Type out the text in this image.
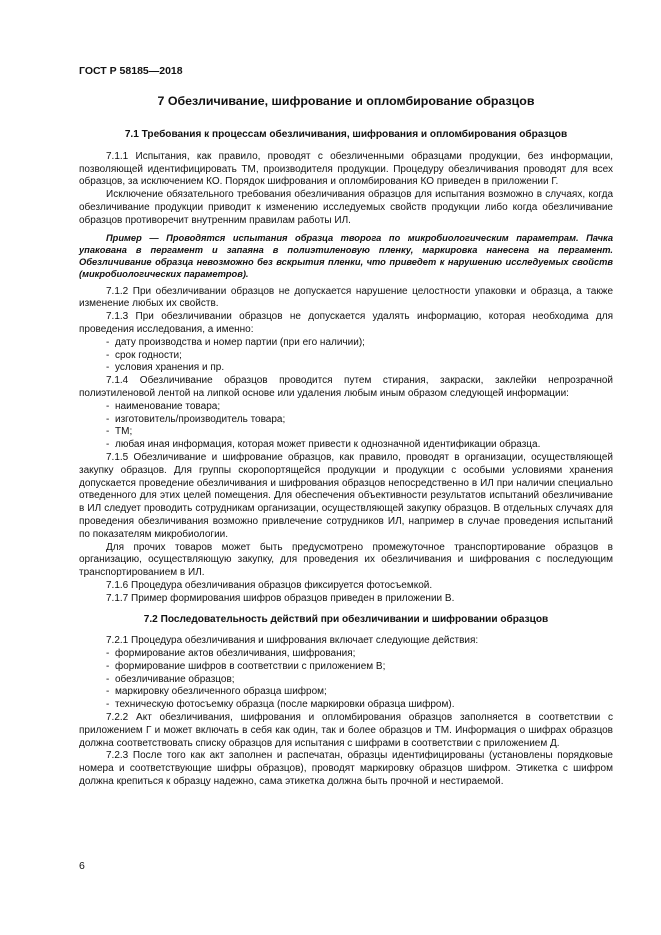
ГОСТ Р 58185—2018
7 Обезличивание, шифрование и опломбирование образцов
7.1 Требования к процессам обезличивания, шифрования и опломбирования образцов

7.1.1 Испытания, как правило, проводят с обезличенными образцами продукции, без информации, позволяющей идентифицировать ТМ, производителя продукции. Процедуру обезличивания проводят для всех образцов, за исключением КО. Порядок шифрования и опломбирования КО приведен в приложении Г.

Исключение обязательного требования обезличивания образцов для испытания возможно в случаях, когда обезличивание продукции приводит к изменению исследуемых свойств продукции либо когда обезличивание образцов противоречит внутренним правилам работы ИЛ.

Пример — Проводятся испытания образца творога по микробиологическим параметрам. Пачка упакована в пергамент и запаяна в полиэтиленовую пленку, маркировка нанесена на пергамент. Обезличивание образца невозможно без вскрытия пленки, что приведет к нарушению исследуемых свойств (микробиологических параметров).

7.1.2 При обезличивании образцов не допускается нарушение целостности упаковки и образца, а также изменение любых их свойств.

7.1.3 При обезличивании образцов не допускается удалять информацию, которая необходима для проведения исследования, а именно:

- дату производства и номер партии (при его наличии);
- срок годности;
- условия хранения и пр.

7.1.4 Обезличивание образцов проводится путем стирания, закраски, заклейки непрозрачной полиэтиленовой лентой на липкой основе или удаления любым иным образом следующей информации:

- наименование товара;
- изготовитель/производитель товара;
- ТМ;
- любая иная информация, которая может привести к однозначной идентификации образца.

7.1.5 Обезличивание и шифрование образцов, как правило, проводят в организации, осуществляющей закупку образцов. Для группы скоропортящейся продукции и продукции с особыми условиями хранения допускается проведение обезличивания и шифрования образцов непосредственно в ИЛ при наличии специально отведенного для этих целей помещения. Для обеспечения объективности результатов испытаний обезличивание в ИЛ следует проводить сотрудникам организации, осуществляющей закупку образцов. В отдельных случаях для проведения обезличивания возможно привлечение сотрудников ИЛ, например в случае проведения испытаний по показателям микробиологии.

Для прочих товаров может быть предусмотрено промежуточное транспортирование образцов в организацию, осуществляющую закупку, для проведения их обезличивания и шифрования с последующим транспортированием в ИЛ.

7.1.6 Процедура обезличивания образцов фиксируется фотосъемкой.

7.1.7 Пример формирования шифров образцов приведен в приложении В.

7.2 Последовательность действий при обезличивании и шифровании образцов

7.2.1 Процедура обезличивания и шифрования включает следующие действия:

- формирование актов обезличивания, шифрования;
- формирование шифров в соответствии с приложением В;
- обезличивание образцов;
- маркировку обезличенного образца шифром;
- техническую фотосъемку образца (после маркировки образца шифром).

7.2.2 Акт обезличивания, шифрования и опломбирования образцов заполняется в соответствии с приложением Г и может включать в себя как один, так и более образцов и ТМ. Информация о шифрах образцов должна соответствовать списку образцов для испытания с шифрами в соответствии с приложением Д.

7.2.3 После того как акт заполнен и распечатан, образцы идентифицированы (установлены порядковые номера и соответствующие шифры образцов), проводят маркировку образцов шифром. Этикетка с шифром должна крепиться к образцу надежно, сама этикетка должна быть прочной и нестираемой.

6
